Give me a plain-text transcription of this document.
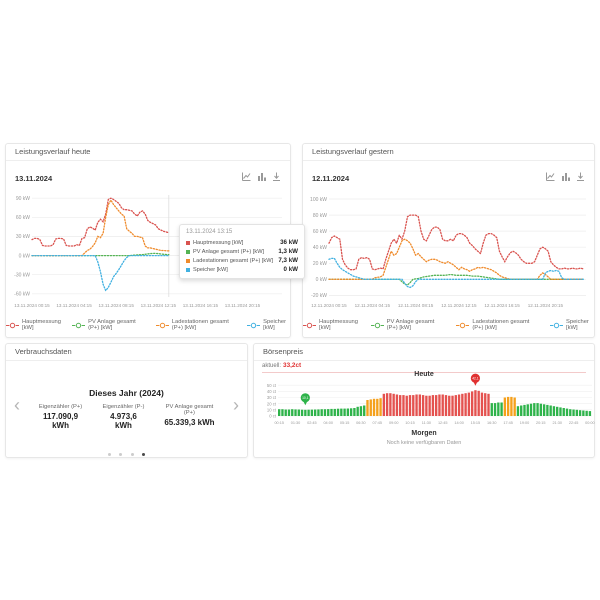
Leistungsverlauf heute
13.11.2024
90 kW
60 kW
30 kW
0 kW
-30 kW
-60 kW
13.11.2024 00:15 13.11.2024 04:15 13.11.2024 08:15 13.11.2024 12:15 13.11.2024 16:15 13.11.2024 20:15
Hauptmessung [kW]
PV Anlage gesamt (P+) [kW]
Ladestationen gesamt (P+) [kW]
Speicher [kW]
13.11.2024 13:15
Hauptmessung [kW]	36 kW
PV Anlage gesamt (P+) [kW]	1,3 kW
Ladestationen gesamt (P+) [kW] 7,3 kW
Speicher [kW]	0 kW
Leistungsverlauf gestern
12.11.2024
100 kW
80 kW
60 kW
40 kW
20 kW
0 kW
-20 kW
12.11.2024 00:15 12.11.2024 04:15 12.11.2024 08:15 12.11.2024 12:15 12.11.2024 16:15 12.11.2024 20:15
Hauptmessung [kW]
PV Anlage gesamt (P+) [kW]
Ladestationen gesamt (P+) [kW]
Speicher [kW]
Verbrauchsdaten
‹	›
Dieses Jahr (2024)
Eigenzähler (P+)
117.090,9 kWh
Eigenzähler (P-)
4.973,6 kWh
PV Anlage gesamt (P+)
65.339,3 kWh

Börsenpreis
aktuell: 33,2ct
Heute
50 ct
40 ct
30 ct
20 ct
10 ct
0 ct
00:15 01:30 02:45 04:00 05:15 06:30 07:45 09:00 10:15 11:30 12:45 14:00 15:15 16:30 17:45 19:00 20:15 21:30 22:45 00:00
10,1
42,1
Morgen
Noch keine verfügbaren Daten
